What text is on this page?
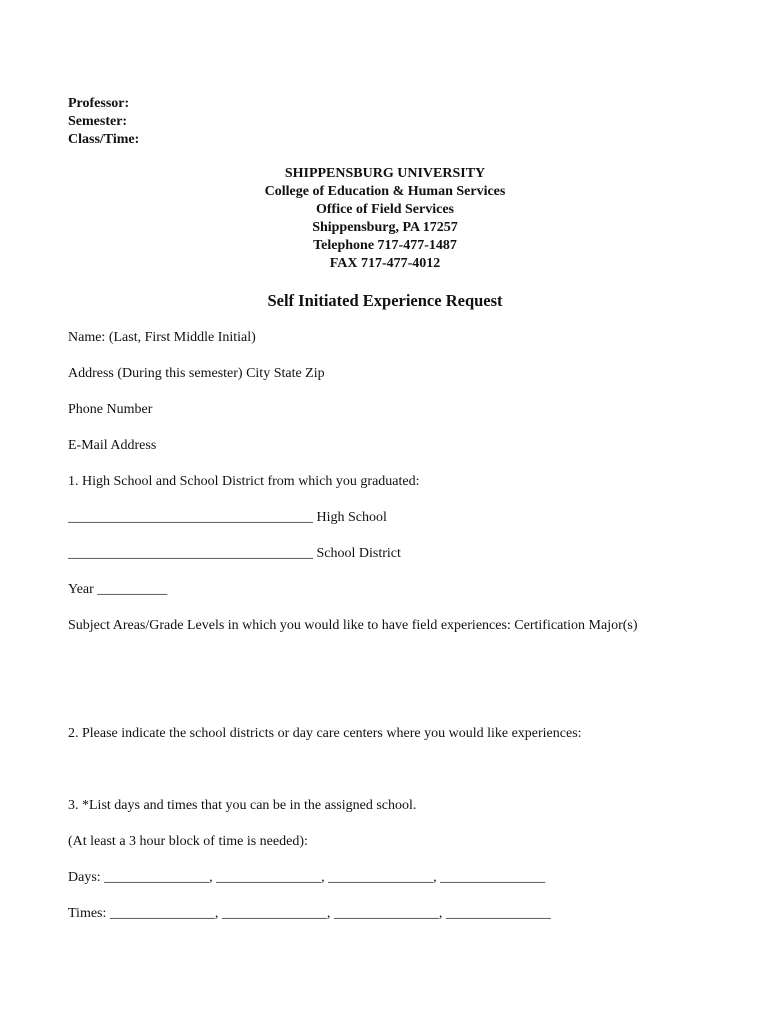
Professor:
Semester:
Class/Time:
SHIPPENSBURG UNIVERSITY
College of Education & Human Services
Office of Field Services
Shippensburg, PA 17257
Telephone 717-477-1487
FAX 717-477-4012
Self Initiated Experience Request
Name: (Last, First Middle Initial)
Address (During this semester) City State Zip
Phone Number
E-Mail Address
1. High School and School District from which you graduated:
___________________________________ High School
___________________________________ School District
Year __________
Subject Areas/Grade Levels in which you would like to have field experiences: Certification Major(s)
2. Please indicate the school districts or day care centers where you would like experiences:
3. *List days and times that you can be in the assigned school.
(At least a 3 hour block of time is needed):
Days: _______________, _______________, _______________, _______________
Times: _______________, _______________, _______________, _______________
